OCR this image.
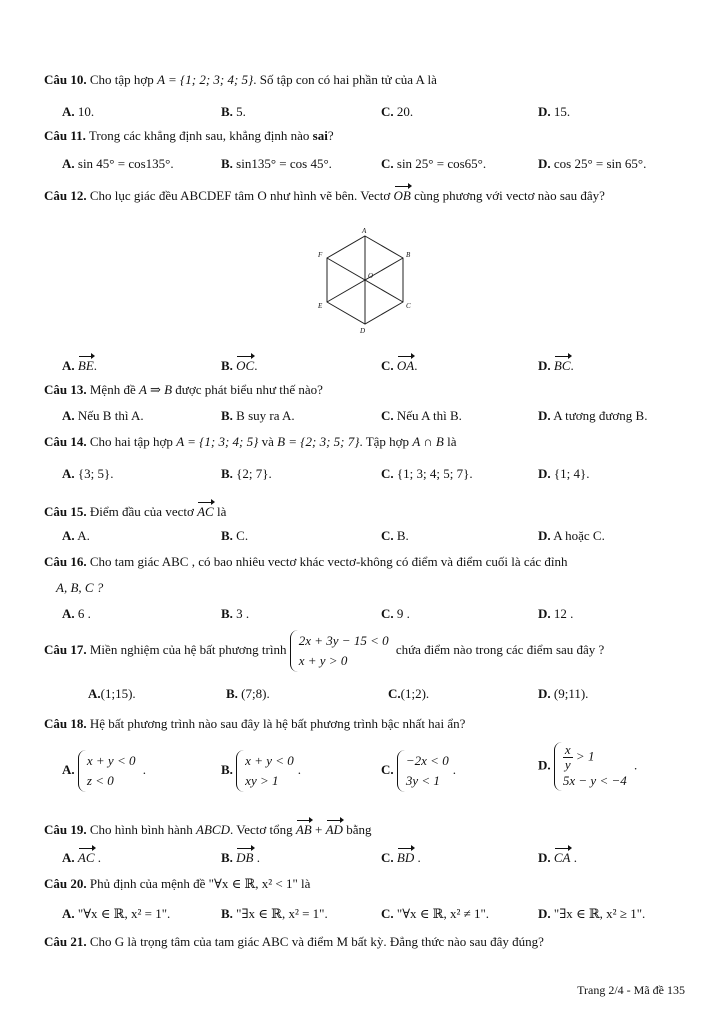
Câu 10. Cho tập hợp A = {1; 2; 3; 4; 5}. Số tập con có hai phần tử của A là
A. 10.	B. 5.	C. 20.	D. 15.
Câu 11. Trong các khẳng định sau, khẳng định nào sai?
A. sin 45° = cos135°.	B. sin135° = cos 45°.	C. sin 25° = cos65°.	D. cos 25° = sin 65°.
Câu 12. Cho lục giác đều ABCDEF tâm O như hình vẽ bên. Vectơ OB cùng phương với vectơ nào sau đây?
A
B
C
D
E
F
O
A. BE.	B. OC.	C. OA.	D. BC.
Câu 13. Mệnh đề A ⇒ B được phát biểu như thế nào?
A. Nếu B thì A.	B. B suy ra A.	C. Nếu A thì B.	D. A tương đương B.
Câu 14. Cho hai tập hợp A = {1; 3; 4; 5} và B = {2; 3; 5; 7}. Tập hợp A ∩ B là
A. {3; 5}.	B. {2; 7}.	C. {1; 3; 4; 5; 7}.	D. {1; 4}.
Câu 15. Điểm đầu của vectơ AC là
A. A.	B. C.	C. B.	D. A hoặc C.
Câu 16. Cho tam giác ABC , có bao nhiêu vectơ khác vectơ-không có điểm và điểm cuối là các đỉnh
A, B, C ?
A. 6 .	B. 3 .	C. 9 .	D. 12 .
Câu 17. Miền nghiệm của hệ bất phương trình 2x + 3y − 15 < 0
x + y > 0 chứa điểm nào trong các điểm sau đây ?
A.(1;15).	B. (7;8).	C.(1;2).	D. (9;11).
Câu 18. Hệ bất phương trình nào sau đây là hệ bất phương trình bậc nhất hai ẩn?
A. x + y < 0
z < 0 .	B. x + y < 0
xy > 1.	C. −2x < 0
3y < 1.	D. $\frac{x}{y} > 1$
5x − y < −4 .
Câu 19. Cho hình bình hành ABCD. Vectơ tổng AB + AD bằng
A. AC .	B. DB .	C. BD .	D. CA .
Câu 20. Phủ định của mệnh đề "∀x ∈ ℝ, x² < 1" là
A. "∀x ∈ ℝ, x² = 1".	B. "∃x ∈ ℝ, x² = 1".	C. "∀x ∈ ℝ, x² ≠ 1".	D. "∃x ∈ ℝ, x² ≥ 1".
Câu 21. Cho G là trọng tâm của tam giác ABC và điểm M bất kỳ. Đẳng thức nào sau đây đúng?
Trang 2/4 - Mã đề 135
